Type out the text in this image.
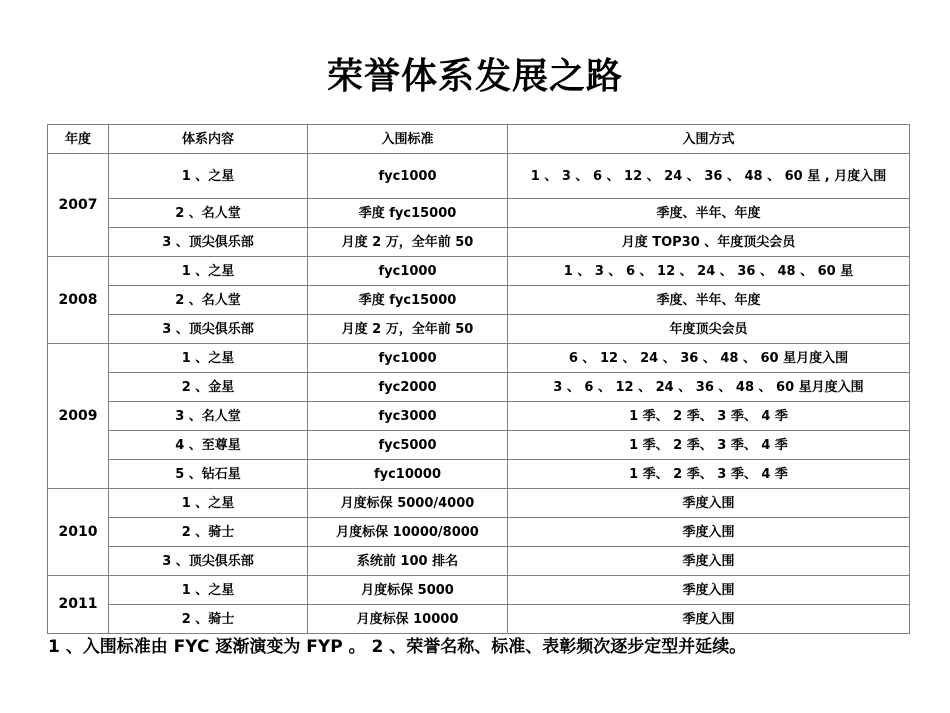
荣誉体系发展之路
年度	体系内容	入围标准	入围方式
2007	1 、之星	fyc1000	1 、 3 、 6 、 12 、 24 、 36 、 48 、 60 星 , 月度入围
	2 、名人堂	季度 fyc15000	季度、半年、年度
	3 、顶尖俱乐部	月度 2 万，全年前 50	月度 TOP30 、年度顶尖会员
2008	1 、之星	fyc1000	1 、 3 、 6 、 12 、 24 、 36 、 48 、 60 星
	2 、名人堂	季度 fyc15000	季度、半年、年度
	3 、顶尖俱乐部	月度 2 万，全年前 50	年度顶尖会员
2009	1 、之星	fyc1000	6 、 12 、 24 、 36 、 48 、 60 星月度入围
	2 、金星	fyc2000	3 、 6 、 12 、 24 、 36 、 48 、 60 星月度入围
	3 、名人堂	fyc3000	1 季、 2 季、 3 季、 4 季
	4 、至尊星	fyc5000	1 季、 2 季、 3 季、 4 季
	5 、钻石星	fyc10000	1 季、 2 季、 3 季、 4 季
2010	1 、之星	月度标保 5000/4000	季度入围
	2 、骑士	月度标保 10000/8000	季度入围
	3 、顶尖俱乐部	系统前 100 排名	季度入围
2011	1 、之星	月度标保 5000	季度入围
	2 、骑士	月度标保 10000	季度入围
1 、入围标准由 FYC 逐渐演变为 FYP 。 2 、荣誉名称、标准、表彰频次逐步定型并延续。
